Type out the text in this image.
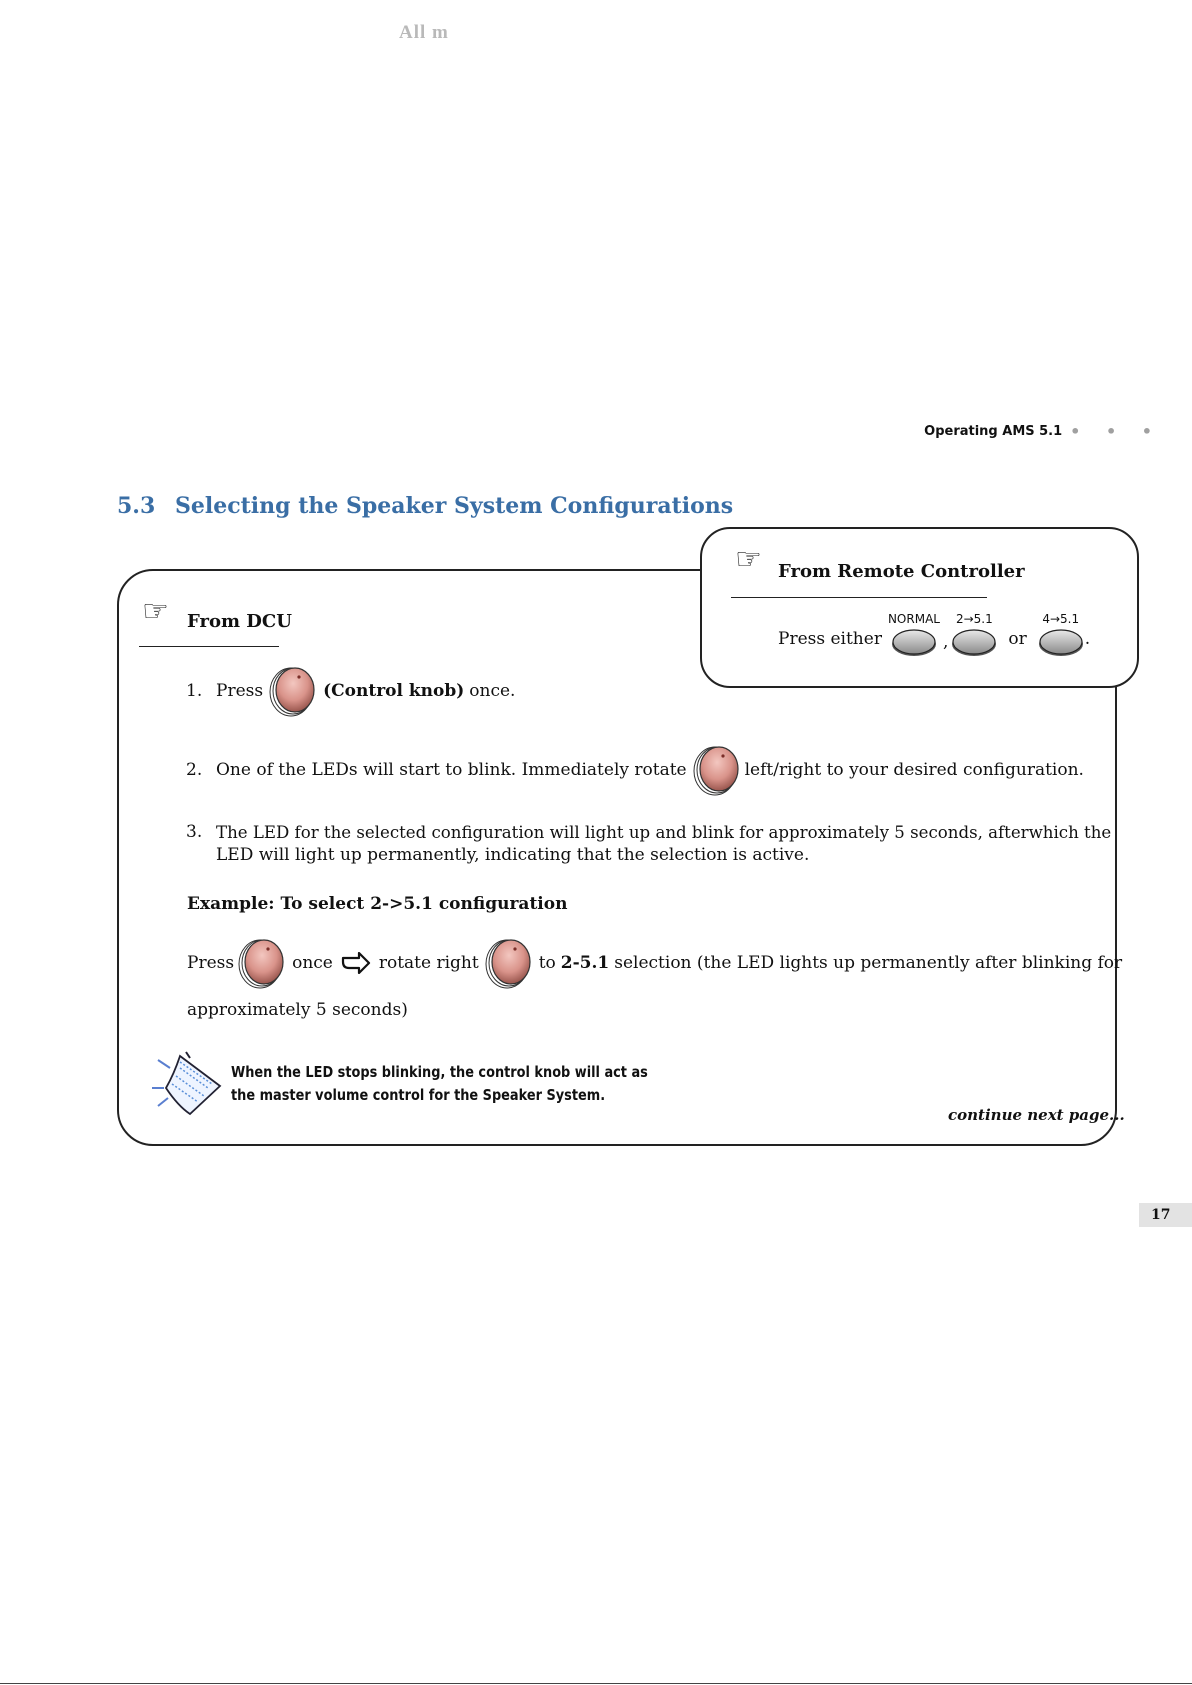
All m
Operating AMS 5.1 • • •
5.3 Selecting the Speaker System Configurations
☞ From DCU
1. Press	(Control knob) once.
2. One of the LEDs will start to blink. Immediately rotate	left/right to your desired configuration.
3. The LED for the selected configuration will light up and blink for approximately 5 seconds, afterwhich the
LED will light up permanently, indicating that the selection is active.
Example: To select 2->5.1 configuration
Press	once	rotate right	to 2-5.1 selection (the LED lights up permanently after blinking for
approximately 5 seconds)
When the LED stops blinking, the control knob will act as
the master volume control for the Speaker System.
continue next page...
☞ From Remote Controller
Press either
NORMAL
,
2→5.1
or
4→5.1
.
17
